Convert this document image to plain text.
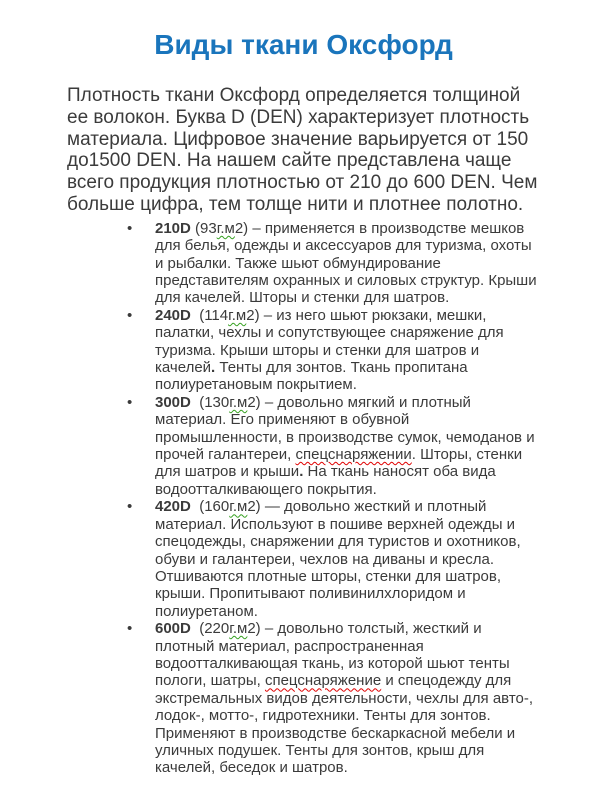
Виды ткани Оксфорд

Плотность ткани Оксфорд определяется толщиной ее волокон. Буква D (DEN) характеризует плотность материала. Цифровое значение варьируется от 150 до1500 DEN. На нашем сайте представлена чаще всего продукция плотностью от 210 до 600 DEN. Чем больше цифра, тем толще нити и плотнее полотно.

• 210D (93г.м2) – применяется в производстве мешков для белья, одежды и аксессуаров для туризма, охоты и рыбалки. Также шьют обмундирование представителям охранных и силовых структур. Крыши для качелей. Шторы и стенки для шатров.
• 240D  (114г.м2) – из него шьют рюкзаки, мешки, палатки, чехлы и сопутствующее снаряжение для туризма. Крыши шторы и стенки для шатров и качелей. Тенты для зонтов. Ткань пропитана полиуретановым покрытием.
• 300D  (130г.м2) – довольно мягкий и плотный материал. Его применяют в обувной промышленности, в производстве сумок, чемоданов и прочей галантереи, спецснаряжении. Шторы, стенки для шатров и крыши. На ткань наносят оба вида водоотталкивающего покрытия.
• 420D  (160г.м2) — довольно жесткий и плотный материал. Используют в пошиве верхней одежды и спецодежды, снаряжении для туристов и охотников, обуви и галантереи, чехлов на диваны и кресла. Отшиваются плотные шторы, стенки для шатров, крыши. Пропитывают поливинилхлоридом и полиуретаном.
• 600D  (220г.м2) – довольно толстый, жесткий и плотный материал, распространенная водоотталкивающая ткань, из которой шьют тенты пологи, шатры, спецснаряжение и спецодежду для экстремальных видов деятельности, чехлы для авто-, лодок-, мотто-, гидротехники. Тенты для зонтов. Применяют в производстве бескаркасной мебели и уличных подушек. Тенты для зонтов, крыш для качелей, беседок и шатров.
